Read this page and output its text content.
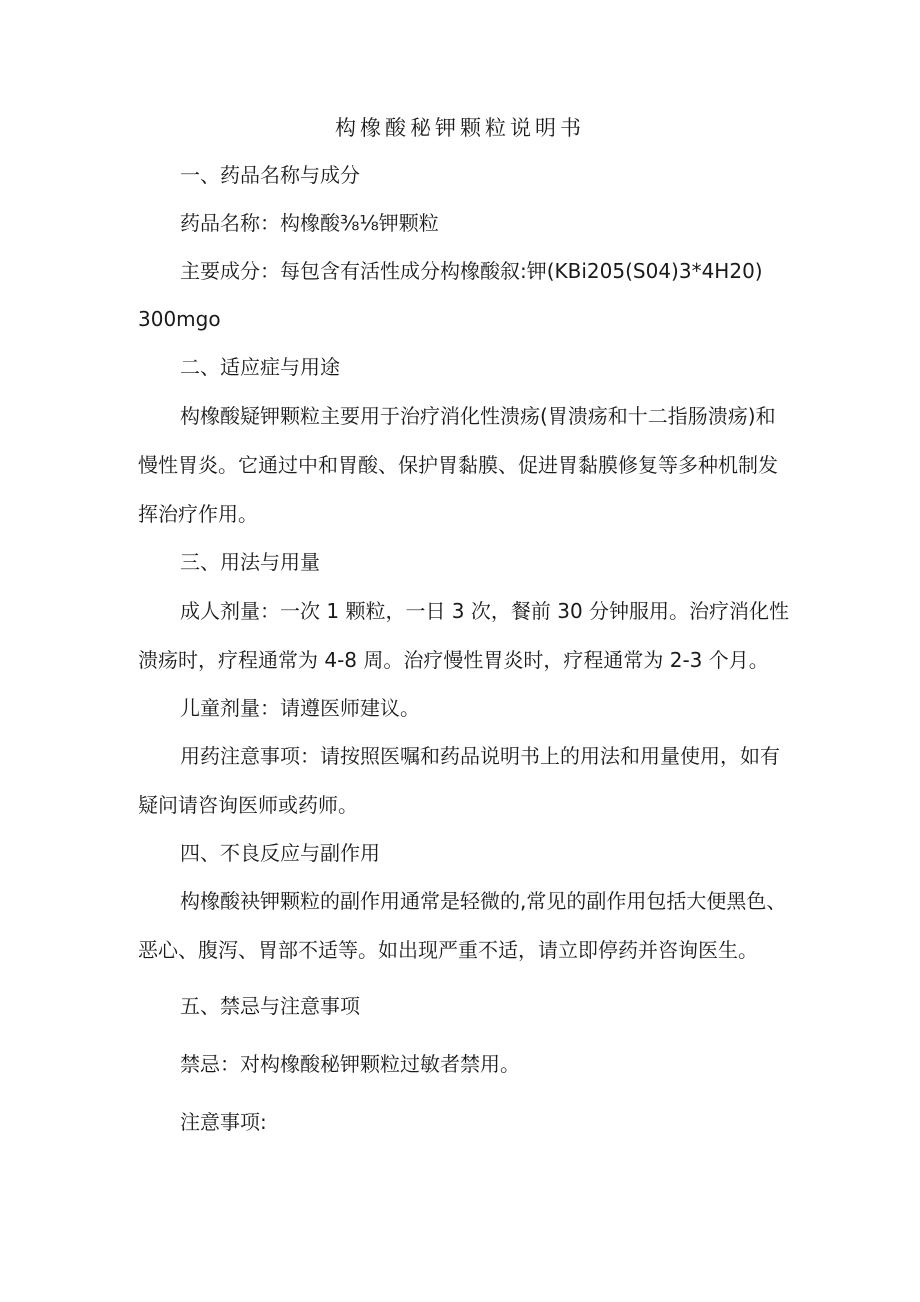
构橡酸秘钾颗粒说明书
一、药品名称与成分
药品名称：构橡酸⅜⅛钾颗粒
主要成分：每包含有活性成分构橡酸叙:钾(KBi205(S04)3*4H20)
300mgo
二、适应症与用途
构橡酸疑钾颗粒主要用于治疗消化性溃疡(胃溃疡和十二指肠溃疡)和
慢性胃炎。它通过中和胃酸、保护胃黏膜、促进胃黏膜修复等多种机制发
挥治疗作用。
三、用法与用量
成人剂量：一次 1 颗粒，一日 3 次，餐前 30 分钟服用。治疗消化性
溃疡时，疗程通常为 4-8 周。治疗慢性胃炎时，疗程通常为 2-3 个月。
儿童剂量：请遵医师建议。
用药注意事项：请按照医嘱和药品说明书上的用法和用量使用，如有
疑问请咨询医师或药师。
四、不良反应与副作用
构橡酸袂钾颗粒的副作用通常是轻微的,常见的副作用包括大便黑色、
恶心、腹泻、胃部不适等。如出现严重不适，请立即停药并咨询医生。
五、禁忌与注意事项
禁忌：对构橡酸秘钾颗粒过敏者禁用。
注意事项:
